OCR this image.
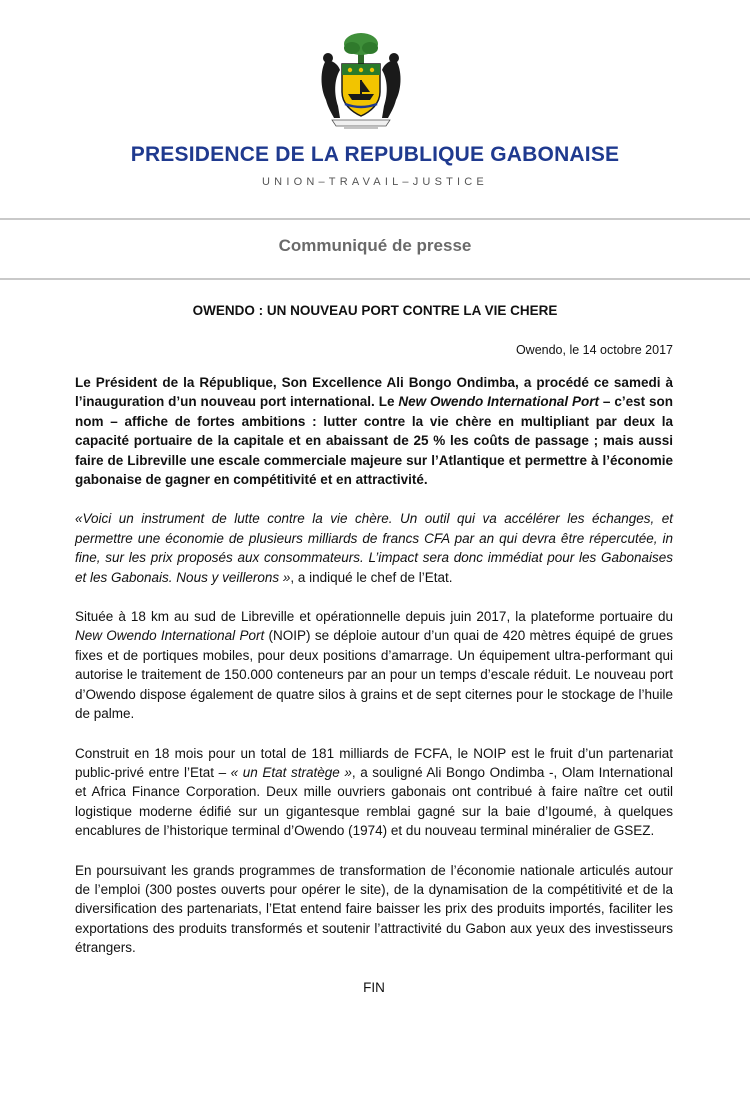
PRESIDENCE DE LA REPUBLIQUE GABONAISE
UNION–TRAVAIL–JUSTICE
Communiqué de presse
OWENDO : UN NOUVEAU PORT CONTRE LA VIE CHERE
Owendo, le 14 octobre 2017

Le Président de la République, Son Excellence Ali Bongo Ondimba, a procédé ce samedi à l’inauguration d’un nouveau port international. Le New Owendo International Port – c’est son nom – affiche de fortes ambitions : lutter contre la vie chère en multipliant par deux la capacité portuaire de la capitale et en abaissant de 25 % les coûts de passage ; mais aussi faire de Libreville une escale commerciale majeure sur l’Atlantique et permettre à l’économie gabonaise de gagner en compétitivité et en attractivité.

«Voici un instrument de lutte contre la vie chère. Un outil qui va accélérer les échanges, et permettre une économie de plusieurs milliards de francs CFA par an qui devra être répercutée, in fine, sur les prix proposés aux consommateurs. L’impact sera donc immédiat pour les Gabonaises et les Gabonais. Nous y veillerons », a indiqué le chef de l’Etat.

Située à 18 km au sud de Libreville et opérationnelle depuis juin 2017, la plateforme portuaire du New Owendo International Port (NOIP) se déploie autour d’un quai de 420 mètres équipé de grues fixes et de portiques mobiles, pour deux positions d’amarrage. Un équipement ultra-performant qui autorise le traitement de 150.000 conteneurs par an pour un temps d’escale réduit. Le nouveau port d’Owendo dispose également de quatre silos à grains et de sept citernes pour le stockage de l’huile de palme.

Construit en 18 mois pour un total de 181 milliards de FCFA, le NOIP est le fruit d’un partenariat public-privé entre l’Etat – « un Etat stratège », a souligné Ali Bongo Ondimba -, Olam International et Africa Finance Corporation. Deux mille ouvriers gabonais ont contribué à faire naître cet outil logistique moderne édifié sur un gigantesque remblai gagné sur la baie d’Igoumé, à quelques encablures de l’historique terminal d’Owendo (1974) et du nouveau terminal minéralier de GSEZ.

En poursuivant les grands programmes de transformation de l’économie nationale articulés autour de l’emploi (300 postes ouverts pour opérer le site), de la dynamisation de la compétitivité et de la diversification des partenariats, l’Etat entend faire baisser les prix des produits importés, faciliter les exportations des produits transformés et soutenir l’attractivité du Gabon aux yeux des investisseurs étrangers.

FIN
